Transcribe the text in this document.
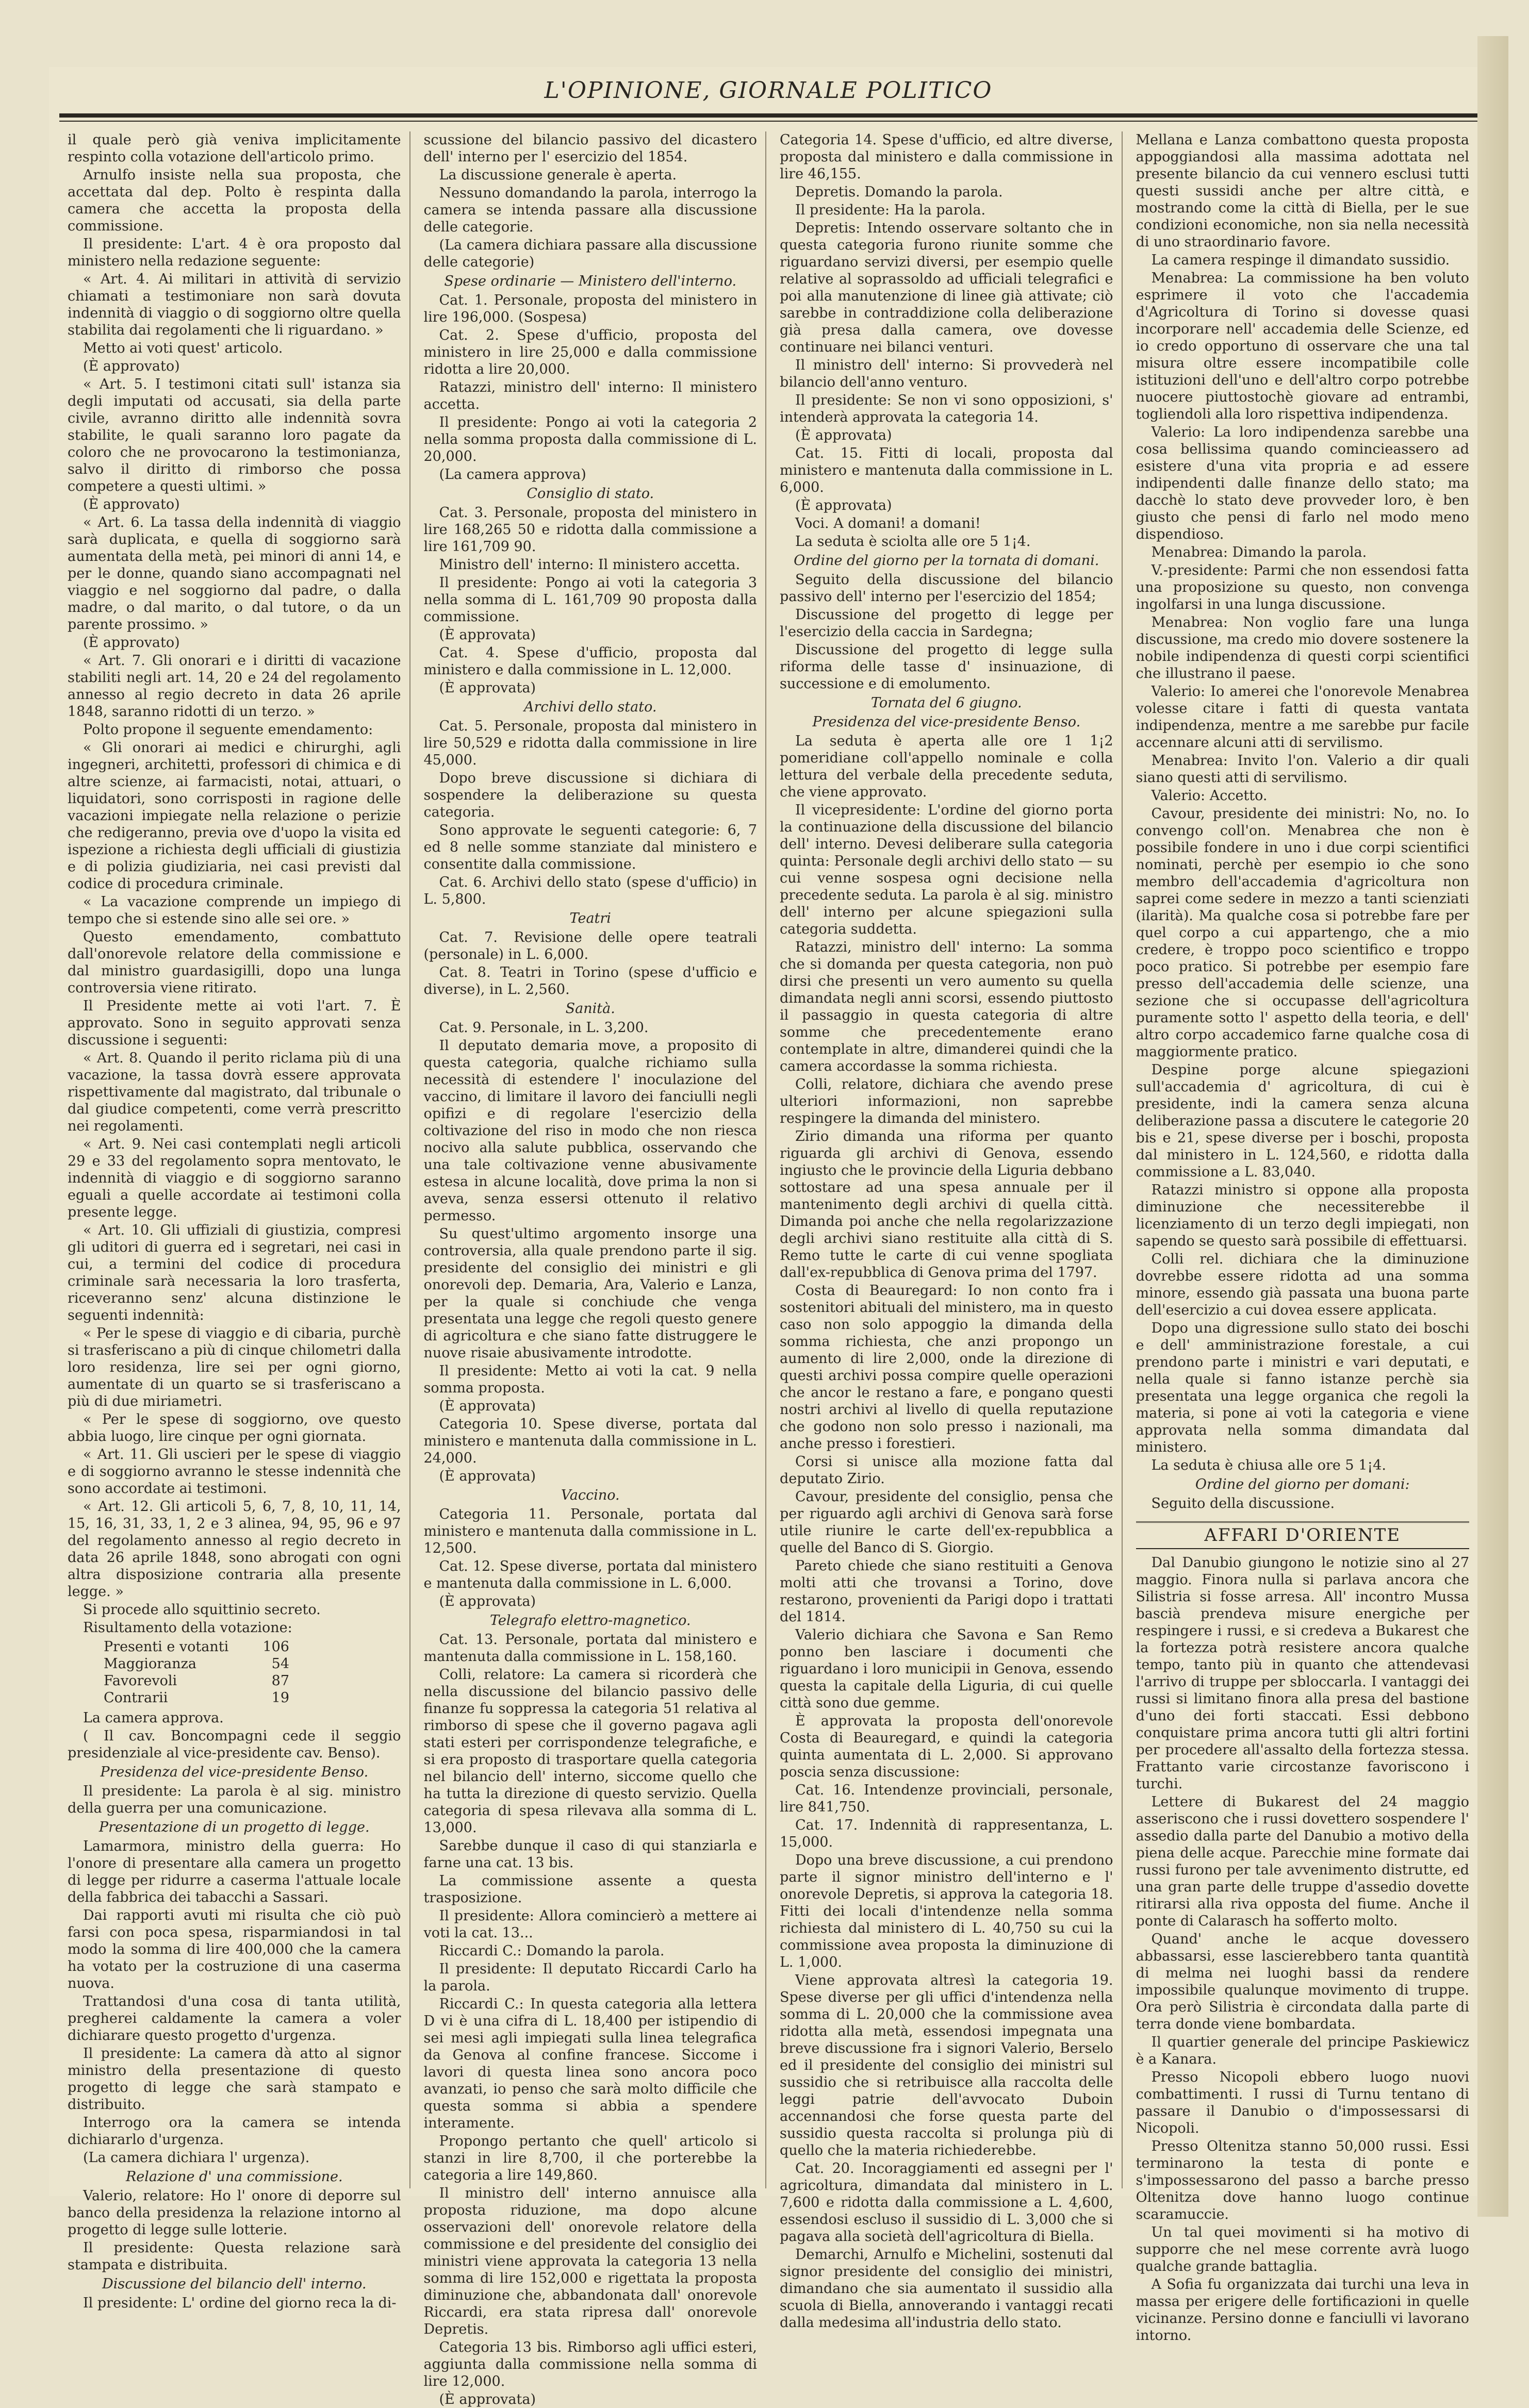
L'OPINIONE, GIORNALE POLITICO

il quale però già veniva implicitamente respinto colla votazione dell'articolo primo.

Arnulfo insiste nella sua proposta, che accettata dal dep. Polto è respinta dalla camera che accetta la proposta della commissione.

Il presidente: L'art. 4 è ora proposto dal ministero nella redazione seguente:

« Art. 4. Ai militari in attività di servizio chiamati a testimoniare non sarà dovuta indennità di viaggio o di soggiorno oltre quella stabilita dai regolamenti che li riguardano. »

Metto ai voti quest' articolo.

(È approvato)

« Art. 5. I testimoni citati sull' istanza sia degli imputati od accusati, sia della parte civile, avranno diritto alle indennità sovra stabilite, le quali saranno loro pagate da coloro che ne provocarono la testimonianza, salvo il diritto di rimborso che possa competere a questi ultimi. »

(È approvato)

« Art. 6. La tassa della indennità di viaggio sarà duplicata, e quella di soggiorno sarà aumentata della metà, pei minori di anni 14, e per le donne, quando siano accompagnati nel viaggio e nel soggiorno dal padre, o dalla madre, o dal marito, o dal tutore, o da un parente prossimo. »

(È approvato)

« Art. 7. Gli onorari e i diritti di vacazione stabiliti negli art. 14, 20 e 24 del regolamento annesso al regio decreto in data 26 aprile 1848, saranno ridotti di un terzo. »

Polto propone il seguente emendamento:

« Gli onorari ai medici e chirurghi, agli ingegneri, architetti, professori di chimica e di altre scienze, ai farmacisti, notai, attuari, o liquidatori, sono corrisposti in ragione delle vacazioni impiegate nella relazione o perizie che redigeranno, previa ove d'uopo la visita ed ispezione a richiesta degli ufficiali di giustizia e di polizia giudiziaria, nei casi previsti dal codice di procedura criminale.

« La vacazione comprende un impiego di tempo che si estende sino alle sei ore. »

Questo emendamento, combattuto dall'onorevole relatore della commissione e dal ministro guardasigilli, dopo una lunga controversia viene ritirato.

Il Presidente mette ai voti l'art. 7. È approvato. Sono in seguito approvati senza discussione i seguenti:

« Art. 8. Quando il perito riclama più di una vacazione, la tassa dovrà essere approvata rispettivamente dal magistrato, dal tribunale o dal giudice competenti, come verrà prescritto nei regolamenti.

« Art. 9. Nei casi contemplati negli articoli 29 e 33 del regolamento sopra mentovato, le indennità di viaggio e di soggiorno saranno eguali a quelle accordate ai testimoni colla presente legge.

« Art. 10. Gli uffiziali di giustizia, compresi gli uditori di guerra ed i segretari, nei casi in cui, a termini del codice di procedura criminale sarà necessaria la loro trasferta, riceveranno senz' alcuna distinzione le seguenti indennità:

« Per le spese di viaggio e di cibaria, purchè si trasferiscano a più di cinque chilometri dalla loro residenza, lire sei per ogni giorno, aumentate di un quarto se si trasferiscano a più di due miriametri.

« Per le spese di soggiorno, ove questo abbia luogo, lire cinque per ogni giornata.

« Art. 11. Gli uscieri per le spese di viaggio e di soggiorno avranno le stesse indennità che sono accordate ai testimoni.

« Art. 12. Gli articoli 5, 6, 7, 8, 10, 11, 14, 15, 16, 31, 33, 1, 2 e 3 alinea, 94, 95, 96 e 97 del regolamento annesso al regio decreto in data 26 aprile 1848, sono abrogati con ogni altra disposizione contraria alla presente legge. »

Si procede allo squittinio secreto.

Risultamento della votazione:

Presenti e votanti 106
Maggioranza	54
Favorevoli	87
Contrarii	19

La camera approva.

( Il cav. Boncompagni cede il seggio presidenziale al vice-presidente cav. Benso).

Presidenza del vice-presidente Benso.

Il presidente: La parola è al sig. ministro della guerra per una comunicazione.

Presentazione di un progetto di legge.

Lamarmora, ministro della guerra: Ho l'onore di presentare alla camera un progetto di legge per ridurre a caserma l'attuale locale della fabbrica dei tabacchi a Sassari.

Dai rapporti avuti mi risulta che ciò può farsi con poca spesa, risparmiandosi in tal modo la somma di lire 400,000 che la camera ha votato per la costruzione di una caserma nuova.

Trattandosi d'una cosa di tanta utilità, pregherei caldamente la camera a voler dichiarare questo progetto d'urgenza.

Il presidente: La camera dà atto al signor ministro della presentazione di questo progetto di legge che sarà stampato e distribuito.

Interrogo ora la camera se intenda dichiararlo d'urgenza.

(La camera dichiara l' urgenza).

Relazione d' una commissione.

Valerio, relatore: Ho l' onore di deporre sul banco della presidenza la relazione intorno al progetto di legge sulle lotterie.

Il presidente: Questa relazione sarà stampata e distribuita.

Discussione del bilancio dell' interno.

Il presidente: L' ordine del giorno reca la di-

scussione del bilancio passivo del dicastero dell' interno per l' esercizio del 1854.

La discussione generale è aperta.

Nessuno domandando la parola, interrogo la camera se intenda passare alla discussione delle categorie.

(La camera dichiara passare alla discussione delle categorie)

Spese ordinarie — Ministero dell'interno.

Cat. 1. Personale, proposta del ministero in lire 196,000. (Sospesa)

Cat. 2. Spese d'ufficio, proposta del ministero in lire 25,000 e dalla commissione ridotta a lire 20,000.

Ratazzi, ministro dell' interno: Il ministero accetta.

Il presidente: Pongo ai voti la categoria 2 nella somma proposta dalla commissione di L. 20,000.

(La camera approva)

Consiglio di stato.

Cat. 3. Personale, proposta del ministero in lire 168,265 50 e ridotta dalla commissione a lire 161,709 90.

Ministro dell' interno: Il ministero accetta.

Il presidente: Pongo ai voti la categoria 3 nella somma di L. 161,709 90 proposta dalla commissione.

(È approvata)

Cat. 4. Spese d'ufficio, proposta dal ministero e dalla commissione in L. 12,000.

(È approvata)

Archivi dello stato.

Cat. 5. Personale, proposta dal ministero in lire 50,529 e ridotta dalla commissione in lire 45,000.

Dopo breve discussione si dichiara di sospendere la deliberazione su questa categoria.

Sono approvate le seguenti categorie: 6, 7 ed 8 nelle somme stanziate dal ministero e consentite dalla commissione.

Cat. 6. Archivi dello stato (spese d'ufficio) in L. 5,800.

Teatri

Cat. 7. Revisione delle opere teatrali (personale) in L. 6,000.

Cat. 8. Teatri in Torino (spese d'ufficio e diverse), in L. 2,560.

Sanità.

Cat. 9. Personale, in L. 3,200.

Il deputato demaria move, a proposito di questa categoria, qualche richiamo sulla necessità di estendere l' inoculazione del vaccino, di limitare il lavoro dei fanciulli negli opifizi e di regolare l'esercizio della coltivazione del riso in modo che non riesca nocivo alla salute pubblica, osservando che una tale coltivazione venne abusivamente estesa in alcune località, dove prima la non si aveva, senza essersi ottenuto il relativo permesso.

Su quest'ultimo argomento insorge una controversia, alla quale prendono parte il sig. presidente del consiglio dei ministri e gli onorevoli dep. Demaria, Ara, Valerio e Lanza, per la quale si conchiude che venga presentata una legge che regoli questo genere di agricoltura e che siano fatte distruggere le nuove risaie abusivamente introdotte.

Il presidente: Metto ai voti la cat. 9 nella somma proposta.

(È approvata)

Categoria 10. Spese diverse, portata dal ministero e mantenuta dalla commissione in L. 24,000.

(È approvata)

Vaccino.

Categoria 11. Personale, portata dal ministero e mantenuta dalla commissione in L. 12,500.

Cat. 12. Spese diverse, portata dal ministero e mantenuta dalla commissione in L. 6,000.

(È approvata)

Telegrafo elettro-magnetico.

Cat. 13. Personale, portata dal ministero e mantenuta dalla commissione in L. 158,160.

Colli, relatore: La camera si ricorderà che nella discussione del bilancio passivo delle finanze fu soppressa la categoria 51 relativa al rimborso di spese che il governo pagava agli stati esteri per corrispondenze telegrafiche, e si era proposto di trasportare quella categoria nel bilancio dell' interno, siccome quello che ha tutta la direzione di questo servizio. Quella categoria di spesa rilevava alla somma di L. 13,000.

Sarebbe dunque il caso di qui stanziarla e farne una cat. 13 bis.

La commissione assente a questa trasposizione.

Il presidente: Allora comincierò a mettere ai voti la cat. 13...

Riccardi C.: Domando la parola.

Il presidente: Il deputato Riccardi Carlo ha la parola.

Riccardi C.: In questa categoria alla lettera D vi è una cifra di L. 18,400 per istipendio di sei mesi agli impiegati sulla linea telegrafica da Genova al confine francese. Siccome i lavori di questa linea sono ancora poco avanzati, io penso che sarà molto difficile che questa somma si abbia a spendere interamente.

Propongo pertanto che quell' articolo si stanzi in lire 8,700, il che porterebbe la categoria a lire 149,860.

Il ministro dell' interno annuisce alla proposta riduzione, ma dopo alcune osservazioni dell' onorevole relatore della commissione e del presidente del consiglio dei ministri viene approvata la categoria 13 nella somma di lire 152,000 e rigettata la proposta diminuzione che, abbandonata dall' onorevole Riccardi, era stata ripresa dall' onorevole Depretis.

Categoria 13 bis. Rimborso agli uffici esteri, aggiunta dalla commissione nella somma di lire 12,000.

(È approvata)

Categoria 14. Spese d'ufficio, ed altre diverse, proposta dal ministero e dalla commissione in lire 46,155.

Depretis. Domando la parola.

Il presidente: Ha la parola.

Depretis: Intendo osservare soltanto che in questa categoria furono riunite somme che riguardano servizi diversi, per esempio quelle relative al soprassoldo ad ufficiali telegrafici e poi alla manutenzione di linee già attivate; ciò sarebbe in contraddizione colla deliberazione già presa dalla camera, ove dovesse continuare nei bilanci venturi.

Il ministro dell' interno: Si provvederà nel bilancio dell'anno venturo.

Il presidente: Se non vi sono opposizioni, s' intenderà approvata la categoria 14.

(È approvata)

Cat. 15. Fitti di locali, proposta dal ministero e mantenuta dalla commissione in L. 6,000.

(È approvata)

Voci. A domani! a domani!

La seduta è sciolta alle ore 5 1¡4.

Ordine del giorno per la tornata di domani.

Seguito della discussione del bilancio passivo dell' interno per l'esercizio del 1854;

Discussione del progetto di legge per l'esercizio della caccia in Sardegna;

Discussione del progetto di legge sulla riforma delle tasse d' insinuazione, di successione e di emolumento.

Tornata del 6 giugno.

Presidenza del vice-presidente Benso.

La seduta è aperta alle ore 1 1¡2 pomeridiane coll'appello nominale e colla lettura del verbale della precedente seduta, che viene approvato.

Il vicepresidente: L'ordine del giorno porta la continuazione della discussione del bilancio dell' interno. Devesi deliberare sulla categoria quinta: Personale degli archivi dello stato — su cui venne sospesa ogni decisione nella precedente seduta. La parola è al sig. ministro dell' interno per alcune spiegazioni sulla categoria suddetta.

Ratazzi, ministro dell' interno: La somma che si domanda per questa categoria, non può dirsi che presenti un vero aumento su quella dimandata negli anni scorsi, essendo piuttosto il passaggio in questa categoria di altre somme che precedentemente erano contemplate in altre, dimanderei quindi che la camera accordasse la somma richiesta.

Colli, relatore, dichiara che avendo prese ulteriori informazioni, non saprebbe respingere la dimanda del ministero.

Zirio dimanda una riforma per quanto riguarda gli archivi di Genova, essendo ingiusto che le provincie della Liguria debbano sottostare ad una spesa annuale per il mantenimento degli archivi di quella città. Dimanda poi anche che nella regolarizzazione degli archivi siano restituite alla città di S. Remo tutte le carte di cui venne spogliata dall'ex-repubblica di Genova prima del 1797.

Costa di Beauregard: Io non conto fra i sostenitori abituali del ministero, ma in questo caso non solo appoggio la dimanda della somma richiesta, che anzi propongo un aumento di lire 2,000, onde la direzione di questi archivi possa compire quelle operazioni che ancor le restano a fare, e pongano questi nostri archivi al livello di quella reputazione che godono non solo presso i nazionali, ma anche presso i forestieri.

Corsi si unisce alla mozione fatta dal deputato Zirio.

Cavour, presidente del consiglio, pensa che per riguardo agli archivi di Genova sarà forse utile riunire le carte dell'ex-repubblica a quelle del Banco di S. Giorgio.

Pareto chiede che siano restituiti a Genova molti atti che trovansi a Torino, dove restarono, provenienti da Parigi dopo i trattati del 1814.

Valerio dichiara che Savona e San Remo ponno ben lasciare i documenti che riguardano i loro municipii in Genova, essendo questa la capitale della Liguria, di cui quelle città sono due gemme.

È approvata la proposta dell'onorevole Costa di Beauregard, e quindi la categoria quinta aumentata di L. 2,000. Si approvano poscia senza discussione:

Cat. 16. Intendenze provinciali, personale, lire 841,750.

Cat. 17. Indennità di rappresentanza, L. 15,000.

Dopo una breve discussione, a cui prendono parte il signor ministro dell'interno e l' onorevole Depretis, si approva la categoria 18. Fitti dei locali d'intendenze nella somma richiesta dal ministero di L. 40,750 su cui la commissione avea proposta la diminuzione di L. 1,000.

Viene approvata altresì la categoria 19. Spese diverse per gli uffici d'intendenza nella somma di L. 20,000 che la commissione avea ridotta alla metà, essendosi impegnata una breve discussione fra i signori Valerio, Berselo ed il presidente del consiglio dei ministri sul sussidio che si retribuisce alla raccolta delle leggi patrie dell'avvocato Duboin accennandosi che forse questa parte del sussidio questa raccolta si prolunga più di quello che la materia richiederebbe.

Cat. 20. Incoraggiamenti ed assegni per l' agricoltura, dimandata dal ministero in L. 7,600 e ridotta dalla commissione a L. 4,600, essendosi escluso il sussidio di L. 3,000 che si pagava alla società dell'agricoltura di Biella.

Demarchi, Arnulfo e Michelini, sostenuti dal signor presidente del consiglio dei ministri, dimandano che sia aumentato il sussidio alla scuola di Biella, annoverando i vantaggi recati dalla medesima all'industria dello stato.

Mellana e Lanza combattono questa proposta appoggiandosi alla massima adottata nel presente bilancio da cui vennero esclusi tutti questi sussidi anche per altre città, e mostrando come la città di Biella, per le sue condizioni economiche, non sia nella necessità di uno straordinario favore.

La camera respinge il dimandato sussidio.

Menabrea: La commissione ha ben voluto esprimere il voto che l'accademia d'Agricoltura di Torino si dovesse quasi incorporare nell' accademia delle Scienze, ed io credo opportuno di osservare che una tal misura oltre essere incompatibile colle istituzioni dell'uno e dell'altro corpo potrebbe nuocere piuttostochè giovare ad entrambi, togliendoli alla loro rispettiva indipendenza.

Valerio: La loro indipendenza sarebbe una cosa bellissima quando comincieassero ad esistere d'una vita propria e ad essere indipendenti dalle finanze dello stato; ma dacchè lo stato deve provveder loro, è ben giusto che pensi di farlo nel modo meno dispendioso.

Menabrea: Dimando la parola.

V.-presidente: Parmi che non essendosi fatta una proposizione su questo, non convenga ingolfarsi in una lunga discussione.

Menabrea: Non voglio fare una lunga discussione, ma credo mio dovere sostenere la nobile indipendenza di questi corpi scientifici che illustrano il paese.

Valerio: Io amerei che l'onorevole Menabrea volesse citare i fatti di questa vantata indipendenza, mentre a me sarebbe pur facile accennare alcuni atti di servilismo.

Menabrea: Invito l'on. Valerio a dir quali siano questi atti di servilismo.

Valerio: Accetto.

Cavour, presidente dei ministri: No, no. Io convengo coll'on. Menabrea che non è possibile fondere in uno i due corpi scientifici nominati, perchè per esempio io che sono membro dell'accademia d'agricoltura non saprei come sedere in mezzo a tanti scienziati (ilarità). Ma qualche cosa si potrebbe fare per quel corpo a cui appartengo, che a mio credere, è troppo poco scientifico e troppo poco pratico. Si potrebbe per esempio fare presso dell'accademia delle scienze, una sezione che si occupasse dell'agricoltura puramente sotto l' aspetto della teoria, e dell' altro corpo accademico farne qualche cosa di maggiormente pratico.

Despine porge alcune spiegazioni sull'accademia d' agricoltura, di cui è presidente, indi la camera senza alcuna deliberazione passa a discutere le categorie 20 bis e 21, spese diverse per i boschi, proposta dal ministero in L. 124,560, e ridotta dalla commissione a L. 83,040.

Ratazzi ministro si oppone alla proposta diminuzione che necessiterebbe il licenziamento di un terzo degli impiegati, non sapendo se questo sarà possibile di effettuarsi.

Colli rel. dichiara che la diminuzione dovrebbe essere ridotta ad una somma minore, essendo già passata una buona parte dell'esercizio a cui dovea essere applicata.

Dopo una digressione sullo stato dei boschi e dell' amministrazione forestale, a cui prendono parte i ministri e vari deputati, e nella quale si fanno istanze perchè sia presentata una legge organica che regoli la materia, si pone ai voti la categoria e viene approvata nella somma dimandata dal ministero.

La seduta è chiusa alle ore 5 1¡4.

Ordine del giorno per domani:

Seguito della discussione.

AFFARI D'ORIENTE

Dal Danubio giungono le notizie sino al 27 maggio. Finora nulla si parlava ancora che Silistria si fosse arresa. All' incontro Mussa bascià prendeva misure energiche per respingere i russi, e si credeva a Bukarest che la fortezza potrà resistere ancora qualche tempo, tanto più in quanto che attendevasi l'arrivo di truppe per sbloccarla. I vantaggi dei russi si limitano finora alla presa del bastione d'uno dei forti staccati. Essi debbono conquistare prima ancora tutti gli altri fortini per procedere all'assalto della fortezza stessa. Frattanto varie circostanze favoriscono i turchi.

Lettere di Bukarest del 24 maggio asseriscono che i russi dovettero sospendere l' assedio dalla parte del Danubio a motivo della piena delle acque. Parecchie mine formate dai russi furono per tale avvenimento distrutte, ed una gran parte delle truppe d'assedio dovette ritirarsi alla riva opposta del fiume. Anche il ponte di Calarasch ha sofferto molto.

Quand' anche le acque dovessero abbassarsi, esse lascierebbero tanta quantità di melma nei luoghi bassi da rendere impossibile qualunque movimento di truppe. Ora però Silistria è circondata dalla parte di terra donde viene bombardata.

Il quartier generale del principe Paskiewicz è a Kanara.

Presso Nicopoli ebbero luogo nuovi combattimenti. I russi di Turnu tentano di passare il Danubio o d'impossessarsi di Nicopoli.

Presso Oltenitza stanno 50,000 russi. Essi terminarono la testa di ponte e s'impossessarono del passo a barche presso Oltenitza dove hanno luogo continue scaramuccie.

Un tal quei movimenti si ha motivo di supporre che nel mese corrente avrà luogo qualche grande battaglia.

A Sofia fu organizzata dai turchi una leva in massa per erigere delle fortificazioni in quelle vicinanze. Persino donne e fanciulli vi lavorano intorno.
